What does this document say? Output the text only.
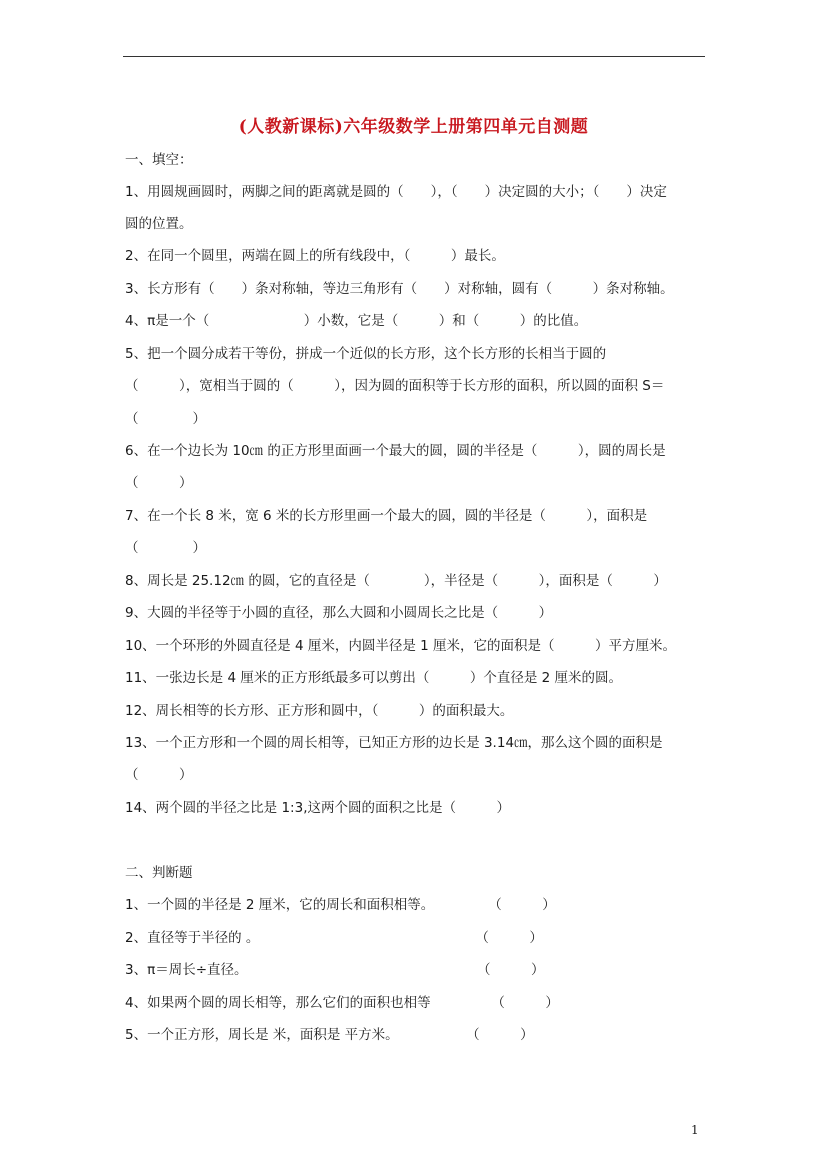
(人教新课标)六年级数学上册第四单元自测题
一、填空：
1、用圆规画圆时，两脚之间的距离就是圆的（　　），（　　）决定圆的大小；（　　）决定
圆的位置。
2、在同一个圆里，两端在圆上的所有线段中，（　　　）最长。
3、长方形有（　　）条对称轴，等边三角形有（　　）对称轴，圆有（　　　）条对称轴。
4、π是一个（　　　　　　　）小数，它是（　　　）和（　　　）的比值。
5、把一个圆分成若干等份，拼成一个近似的长方形，这个长方形的长相当于圆的
（　　　），宽相当于圆的（　　　），因为圆的面积等于长方形的面积，所以圆的面积 S＝
（　　　　）
6、在一个边长为 10㎝ 的正方形里面画一个最大的圆，圆的半径是（　　　），圆的周长是
（　　　）
7、在一个长 8 米，宽 6 米的长方形里画一个最大的圆，圆的半径是（　　　），面积是
（　　　　）
8、周长是 25.12㎝ 的圆，它的直径是（　　　　），半径是（　　　），面积是（　　　）
9、大圆的半径等于小圆的直径，那么大圆和小圆周长之比是（　　　）
10、一个环形的外圆直径是 4 厘米，内圆半径是 1 厘米，它的面积是（　　　）平方厘米。
11、一张边长是 4 厘米的正方形纸最多可以剪出（　　　）个直径是 2 厘米的圆。
12、周长相等的长方形、正方形和圆中，（　　　）的面积最大。
13、一个正方形和一个圆的周长相等，已知正方形的边长是 3.14㎝，那么这个圆的面积是
（　　　）
14、两个圆的半径之比是 1:3,这两个圆的面积之比是（　　　）
二、判断题
1、一个圆的半径是 2 厘米，它的周长和面积相等。　　　　　（　　　）
2、直径等于半径的 。　　　　　　　　　　　　　　　　　（　　　）
3、π＝周长÷直径。　　　　　　　　　　　　　　　　　　（　　　）
4、如果两个圆的周长相等，那么它们的面积也相等　　　　　（　　　）
5、一个正方形，周长是 米，面积是 平方米。　　　　　　（　　　）
1
